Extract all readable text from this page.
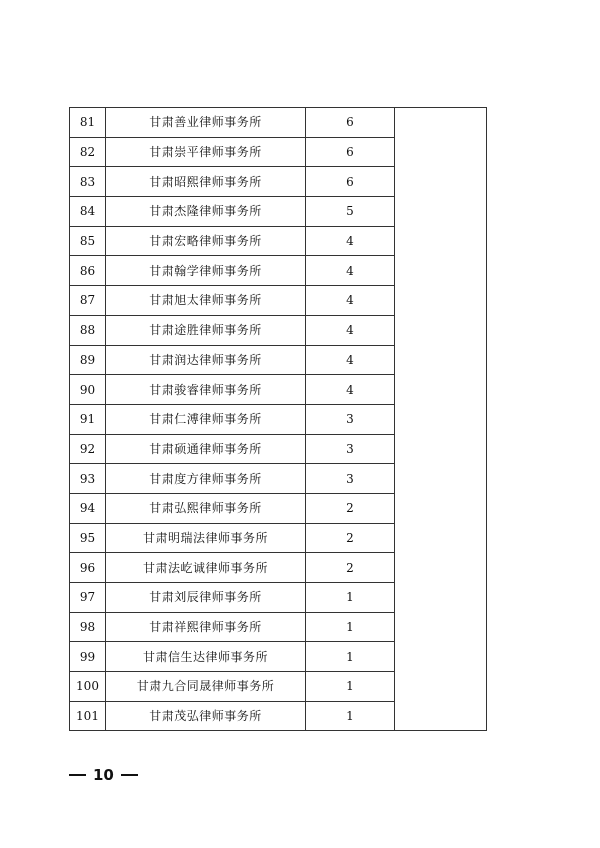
81	甘肃善业律师事务所	6	
82	甘肃崇平律师事务所	6	
83	甘肃昭熙律师事务所	6	
84	甘肃杰隆律师事务所	5	
85	甘肃宏略律师事务所	4	
86	甘肃翰学律师事务所	4	
87	甘肃旭太律师事务所	4	
88	甘肃途胜律师事务所	4	
89	甘肃润达律师事务所	4	
90	甘肃骏睿律师事务所	4	
91	甘肃仁溥律师事务所	3	
92	甘肃硕通律师事务所	3	
93	甘肃度方律师事务所	3	
94	甘肃弘熙律师事务所	2	
95	甘肃明瑞法律师事务所	2	
96	甘肃法屹诚律师事务所	2	
97	甘肃刘辰律师事务所	1	
98	甘肃祥熙律师事务所	1	
99	甘肃信生达律师事务所	1	
100	甘肃九合同晟律师事务所	1	
101	甘肃茂弘律师事务所	1	
10
